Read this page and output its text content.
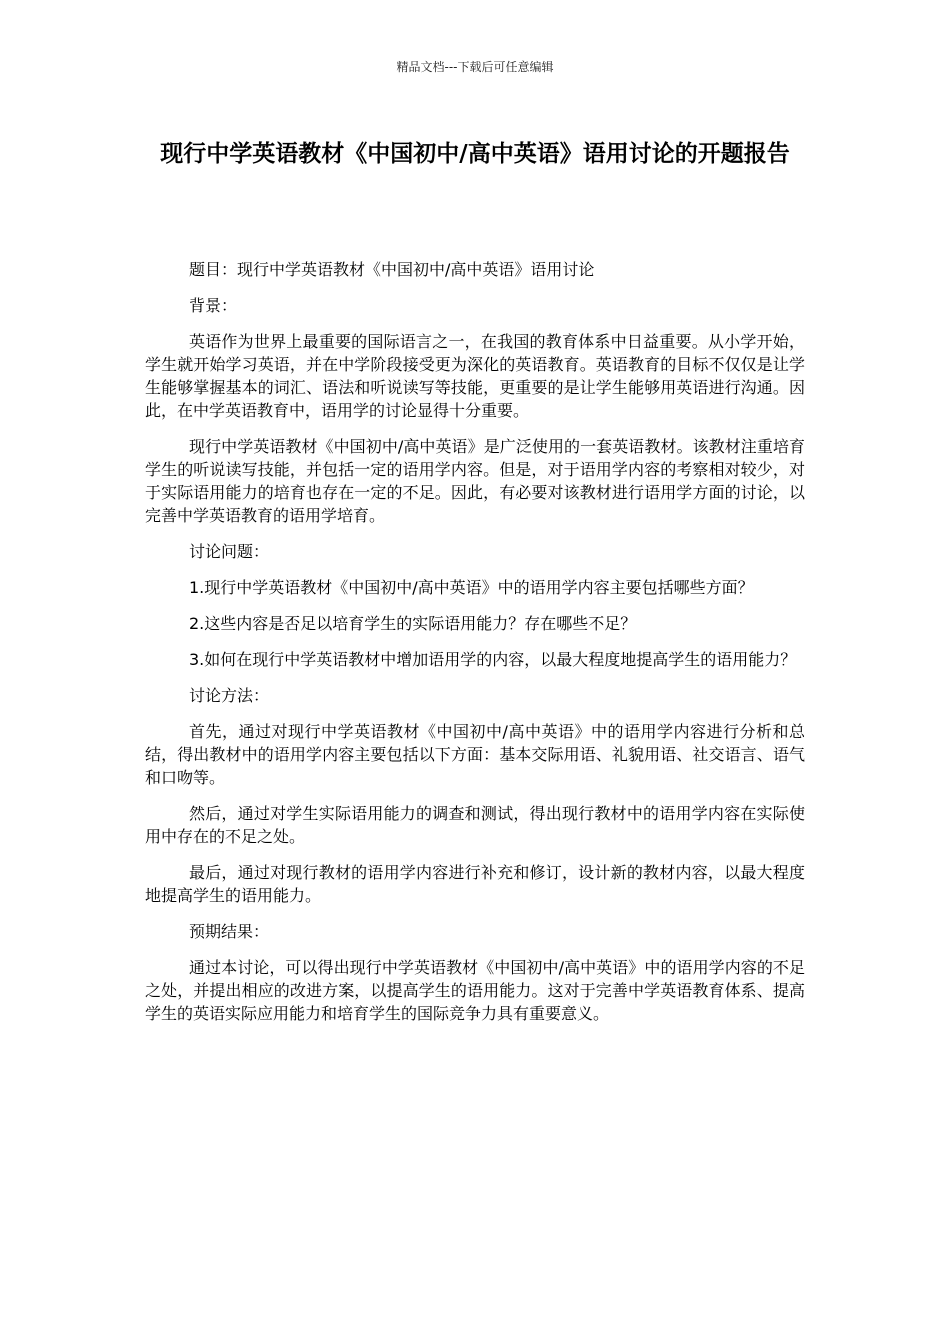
精品文档---下载后可任意编辑
现行中学英语教材《中国初中/高中英语》语用讨论的开题报告

题目：现行中学英语教材《中国初中/高中英语》语用讨论

背景：

英语作为世界上最重要的国际语言之一，在我国的教育体系中日益重要。从小学开始，学生就开始学习英语，并在中学阶段接受更为深化的英语教育。英语教育的目标不仅仅是让学生能够掌握基本的词汇、语法和听说读写等技能，更重要的是让学生能够用英语进行沟通。因此，在中学英语教育中，语用学的讨论显得十分重要。

现行中学英语教材《中国初中/高中英语》是广泛使用的一套英语教材。该教材注重培育学生的听说读写技能，并包括一定的语用学内容。但是，对于语用学内容的考察相对较少，对于实际语用能力的培育也存在一定的不足。因此，有必要对该教材进行语用学方面的讨论，以完善中学英语教育的语用学培育。

讨论问题：

1.现行中学英语教材《中国初中/高中英语》中的语用学内容主要包括哪些方面？

2.这些内容是否足以培育学生的实际语用能力？存在哪些不足？

3.如何在现行中学英语教材中增加语用学的内容，以最大程度地提高学生的语用能力？

讨论方法：

首先，通过对现行中学英语教材《中国初中/高中英语》中的语用学内容进行分析和总结，得出教材中的语用学内容主要包括以下方面：基本交际用语、礼貌用语、社交语言、语气和口吻等。

然后，通过对学生实际语用能力的调查和测试，得出现行教材中的语用学内容在实际使用中存在的不足之处。

最后，通过对现行教材的语用学内容进行补充和修订，设计新的教材内容，以最大程度地提高学生的语用能力。

预期结果：

通过本讨论，可以得出现行中学英语教材《中国初中/高中英语》中的语用学内容的不足之处，并提出相应的改进方案，以提高学生的语用能力。这对于完善中学英语教育体系、提高学生的英语实际应用能力和培育学生的国际竞争力具有重要意义。
